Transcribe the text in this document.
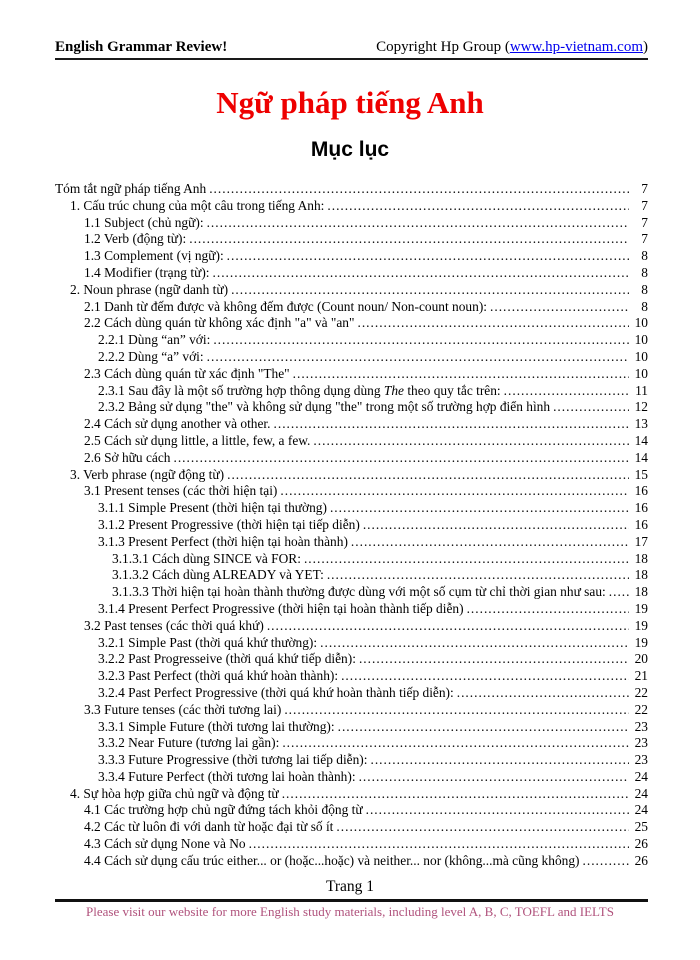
English Grammar Review!	Copyright Hp Group (www.hp-vietnam.com)
Ngữ pháp tiếng Anh
Mục lục
Tóm tắt ngữ pháp tiếng Anh .....	7
1. Cấu trúc chung của một câu trong tiếng Anh: .....	7
1.1 Subject (chủ ngữ): .....	7
1.2 Verb (động từ): .....	7
1.3 Complement (vị ngữ): .....	8
1.4 Modifier (trạng từ): .....	8
2. Noun phrase (ngữ danh từ) .....	8
2.1 Danh từ đếm được và không đếm được (Count noun/ Non-count noun): .....	8
2.2 Cách dùng quán từ không xác định "a" và "an" .....	10
2.2.1 Dùng “an” với: .....	10
2.2.2 Dùng “a” với: .....	10
2.3 Cách dùng quán từ xác định "The" .....	10
2.3.1 Sau đây là một số trường hợp thông dụng dùng The theo quy tắc trên: .....	11
2.3.2 Bảng sử dụng "the" và không sử dụng "the" trong một số trường hợp điển hình .....	12
2.4 Cách sử dụng another và other. .....	13
2.5 Cách sử dụng little, a little, few, a few. .....	14
2.6 Sở hữu cách .....	14
3. Verb phrase (ngữ động từ) .....	15
3.1 Present tenses (các thời hiện tại) .....	16
3.1.1 Simple Present (thời hiện tại thường) .....	16
3.1.2 Present Progressive (thời hiện tại tiếp diễn) .....	16
3.1.3 Present Perfect (thời hiện tại hoàn thành) .....	17
3.1.3.1 Cách dùng SINCE và FOR: .....	18
3.1.3.2 Cách dùng ALREADY và YET: .....	18
3.1.3.3 Thời hiện tại hoàn thành thường được dùng với một số cụm từ chỉ thời gian như sau: .....	18
3.1.4 Present Perfect Progressive (thời hiện tại hoàn thành tiếp diễn) .....	19
3.2 Past tenses (các thời quá khứ) .....	19
3.2.1 Simple Past (thời quá khứ thường): .....	19
3.2.2 Past Progresseive (thời quá khứ tiếp diễn): .....	20
3.2.3 Past Perfect (thời quá khứ hoàn thành): .....	21
3.2.4 Past Perfect Progressive (thời quá khứ hoàn thành tiếp diễn): .....	22
3.3 Future tenses (các thời tương lai) .....	22
3.3.1 Simple Future (thời tương lai thường): .....	23
3.3.2 Near Future (tương lai gần): .....	23
3.3.3 Future Progressive (thời tương lai tiếp diễn): .....	23
3.3.4 Future Perfect (thời tương lai hoàn thành): .....	24
4. Sự hòa hợp giữa chủ ngữ và động từ .....	24
4.1 Các trường hợp chủ ngữ đứng tách khỏi động từ .....	24
4.2 Các từ luôn đi với danh từ hoặc đại từ số ít .....	25
4.3 Cách sử dụng None và No .....	26
4.4 Cách sử dụng cấu trúc either... or (hoặc...hoặc) và neither... nor (không...mà cũng không) .....	26
Trang 1
Please visit our website for more English study materials, including level A, B, C, TOEFL and IELTS
